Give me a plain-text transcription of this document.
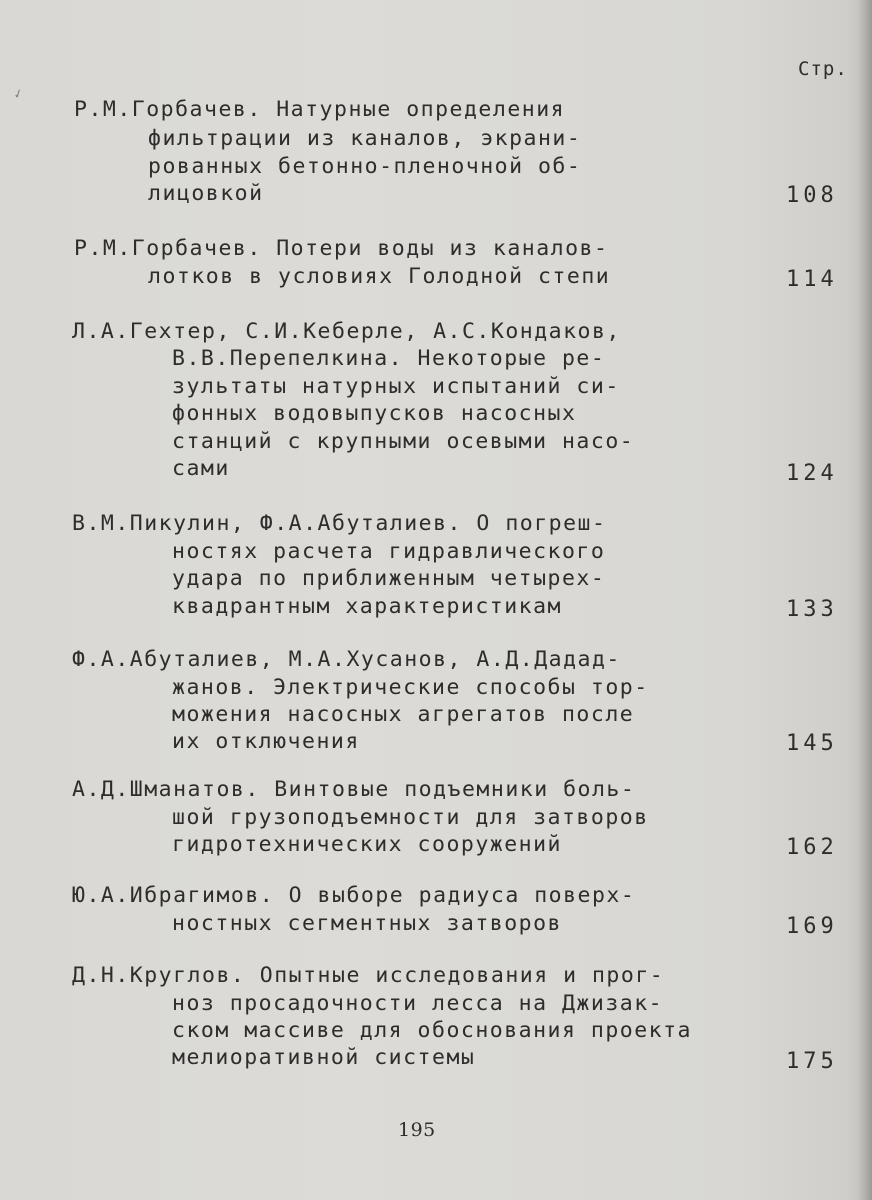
✓
Стр.
Р.М.Горбачев. Натурные определения
фильтрации из каналов, экрани-
рованных бетонно-пленочной об-
лицовкой	108
Р.М.Горбачев. Потери воды из каналов-
лотков в условиях Голодной степи	114
Л.А.Гехтер, С.И.Кеберле, А.С.Кондаков,
В.В.Перепелкина. Некоторые ре-
зультаты натурных испытаний си-
фонных водовыпусков насосных
станций с крупными осевыми насо-
сами	124
В.М.Пикулин, Ф.А.Абуталиев. О погреш-
ностях расчета гидравлического
удара по приближенным четырех-
квадрантным характеристикам	133
Ф.А.Абуталиев, М.А.Хусанов, А.Д.Дадад-
жанов. Электрические способы тор-
можения насосных агрегатов после
их отключения	145
А.Д.Шманатов. Винтовые подъемники боль-
шой грузоподъемности для затворов
гидротехнических сооружений	162
Ю.А.Ибрагимов. О выборе радиуса поверх-
ностных сегментных затворов	169
Д.Н.Круглов. Опытные исследования и прог-
ноз просадочности лесса на Джизак-
ском массиве для обоснования проекта
мелиоративной системы	175
195
